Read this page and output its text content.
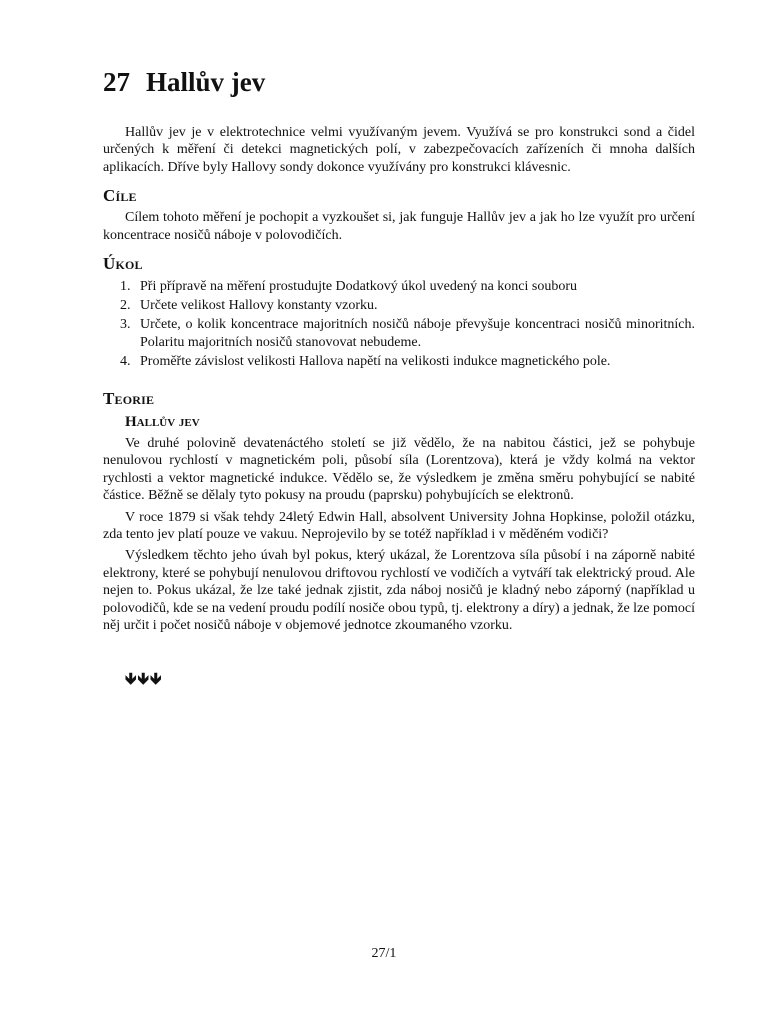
27 Hallův jev

Hallův jev je v elektrotechnice velmi využívaným jevem. Využívá se pro konstrukci sond a čidel určených k měření či detekci magnetických polí, v zabezpečovacích zařízeních či mnoha dalších aplikacích. Dříve byly Hallovy sondy dokonce využívány pro konstrukci klávesnic.

Cíle

Cílem tohoto měření je pochopit a vyzkoušet si, jak funguje Hallův jev a jak ho lze využít pro určení koncentrace nosičů náboje v polovodičích.

Úkol
1. Při přípravě na měření prostudujte Dodatkový úkol uvedený na konci souboru
2. Určete velikost Hallovy konstanty vzorku.
3. Určete, o kolik koncentrace majoritních nosičů náboje převyšuje koncentraci nosičů minoritních. Polaritu majoritních nosičů stanovovat nebudeme.
4. Proměřte závislost velikosti Hallova napětí na velikosti indukce magnetického pole.
Teorie
Hallův jev

Ve druhé polovině devatenáctého století se již vědělo, že na nabitou částici, jež se pohybuje nenulovou rychlostí v magnetickém poli, působí síla (Lorentzova), která je vždy kolmá na vektor rychlosti a vektor magnetické indukce. Vědělo se, že výsledkem je změna směru pohybující se nabité částice. Běžně se dělaly tyto pokusy na proudu (paprsku) pohybujících se elektronů.

V roce 1879 si však tehdy 24letý Edwin Hall, absolvent University Johna Hopkinse, položil otázku, zda tento jev platí pouze ve vakuu. Neprojevilo by se totéž například i v měděném vodiči?

Výsledkem těchto jeho úvah byl pokus, který ukázal, že Lorentzova síla působí i na záporně nabité elektrony, které se pohybují nenulovou driftovou rychlostí ve vodičích a vytváří tak elektrický proud. Ale nejen to. Pokus ukázal, že lze také jednak zjistit, zda náboj nosičů je kladný nebo záporný (například u polovodičů, kde se na vedení proudu podílí nosiče obou typů, tj. elektrony a díry) a jednak, že lze pomocí něj určit i počet nosičů náboje v objemové jednotce zkoumaného vzorku.

🡻🡻🡻
27/1
